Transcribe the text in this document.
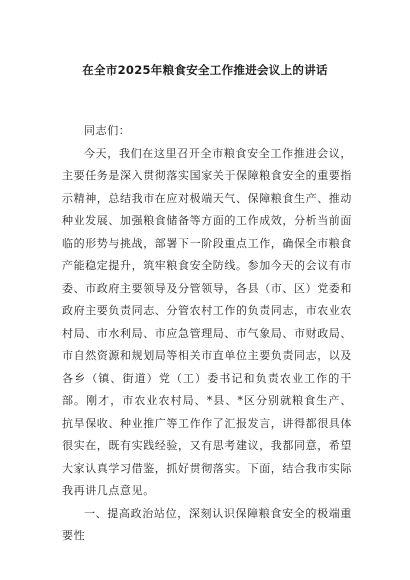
在全市2025年粮食安全工作推进会议上的讲话

同志们：

今天，我们在这里召开全市粮食安全工作推进会议，主要任务是深入贯彻落实国家关于保障粮食安全的重要指示精神，总结我市在应对极端天气、保障粮食生产、推动种业发展、加强粮食储备等方面的工作成效，分析当前面临的形势与挑战，部署下一阶段重点工作，确保全市粮食产能稳定提升，筑牢粮食安全防线。参加今天的会议有市委、市政府主要领导及分管领导，各县（市、区）党委和政府主要负责同志、分管农村工作的负责同志，市农业农村局、市水利局、市应急管理局、市气象局、市财政局、市自然资源和规划局等相关市直单位主要负责同志，以及各乡（镇、街道）党（工）委书记和负责农业工作的干部。刚才，市农业农村局、*县、*区分别就粮食生产、抗旱保收、种业推广等工作作了汇报发言，讲得都很具体很实在，既有实践经验，又有思考建议，我都同意，希望大家认真学习借鉴，抓好贯彻落实。下面，结合我市实际我再讲几点意见。

一、提高政治站位，深刻认识保障粮食安全的极端重要性
